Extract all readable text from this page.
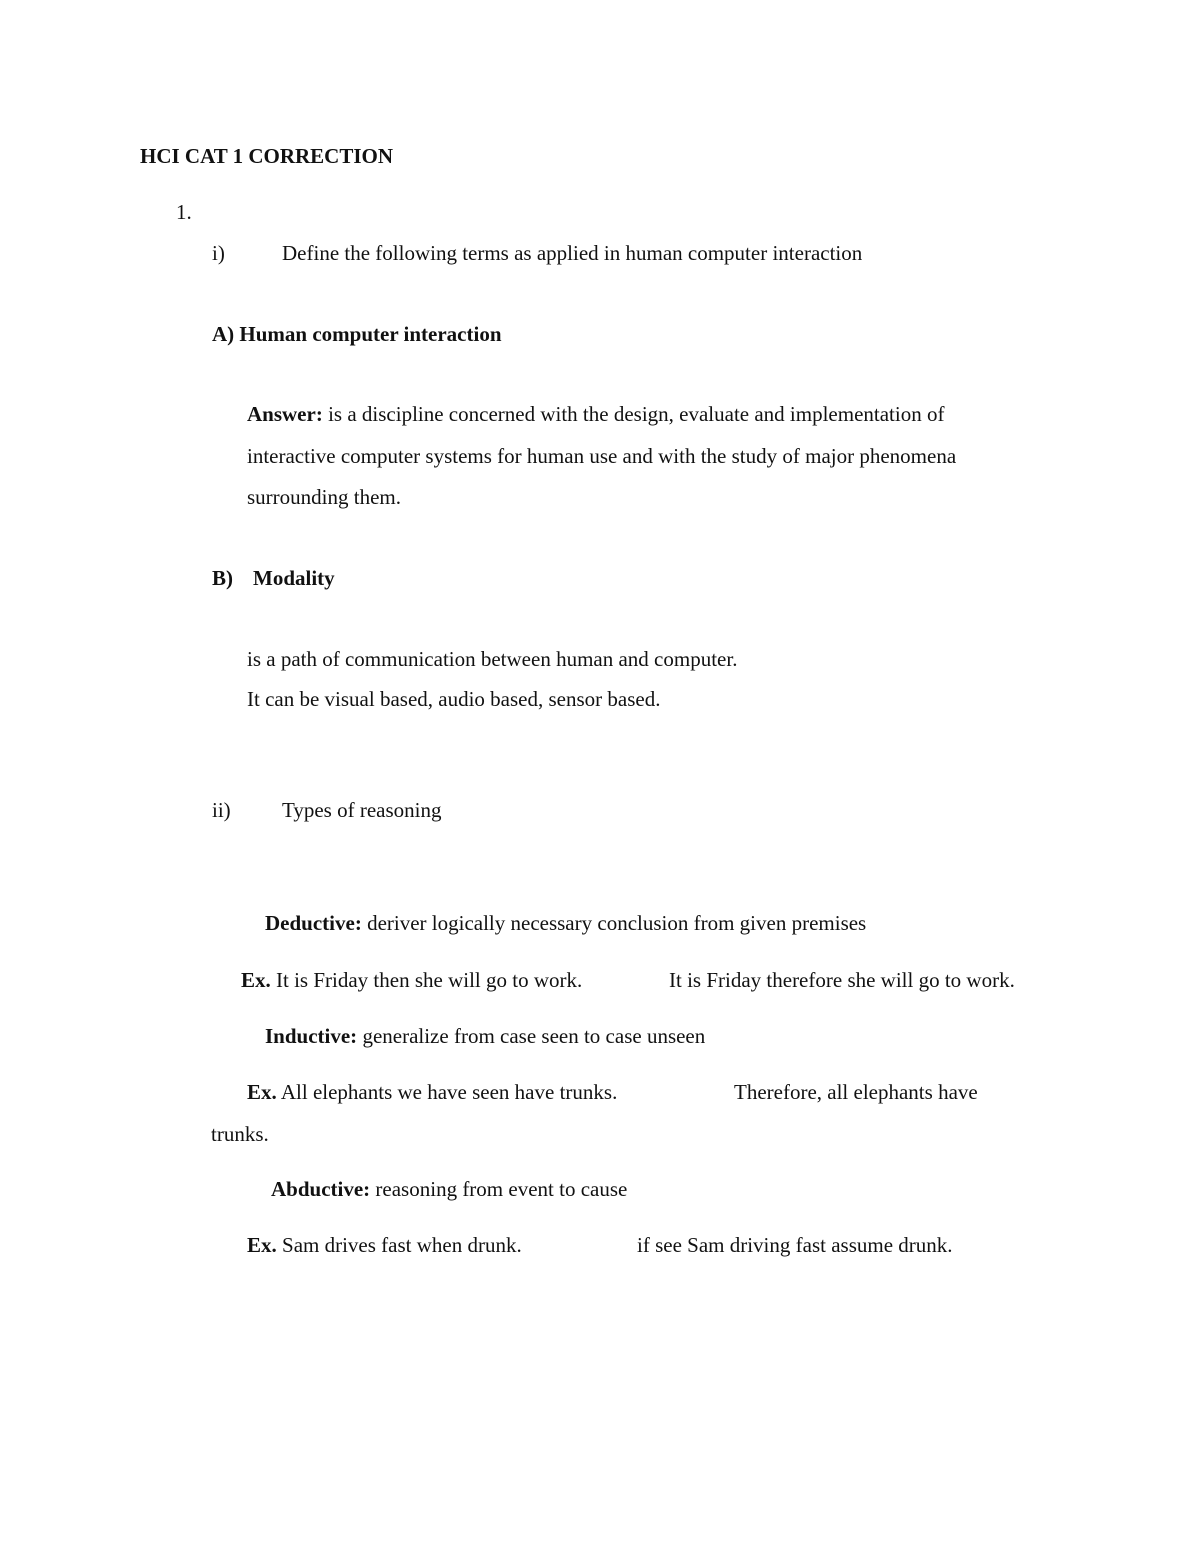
HCI CAT 1 CORRECTION
1.
i)	Define the following terms as applied in human computer interaction
A) Human computer interaction
Answer: is a discipline concerned with the design, evaluate and implementation of
interactive computer systems for human use and with the study of major phenomena
surrounding them.
B) Modality
is a path of communication between human and computer.
It can be visual based, audio based, sensor based.
ii) Types of reasoning
Deductive: deriver logically necessary conclusion from given premises
Ex. It is Friday then she will go to work.	It is Friday therefore she will go to work.
Inductive: generalize from case seen to case unseen
Ex. All elephants we have seen have trunks.	Therefore, all elephants have
trunks.
Abductive: reasoning from event to cause
Ex. Sam drives fast when drunk.	if see Sam driving fast assume drunk.
